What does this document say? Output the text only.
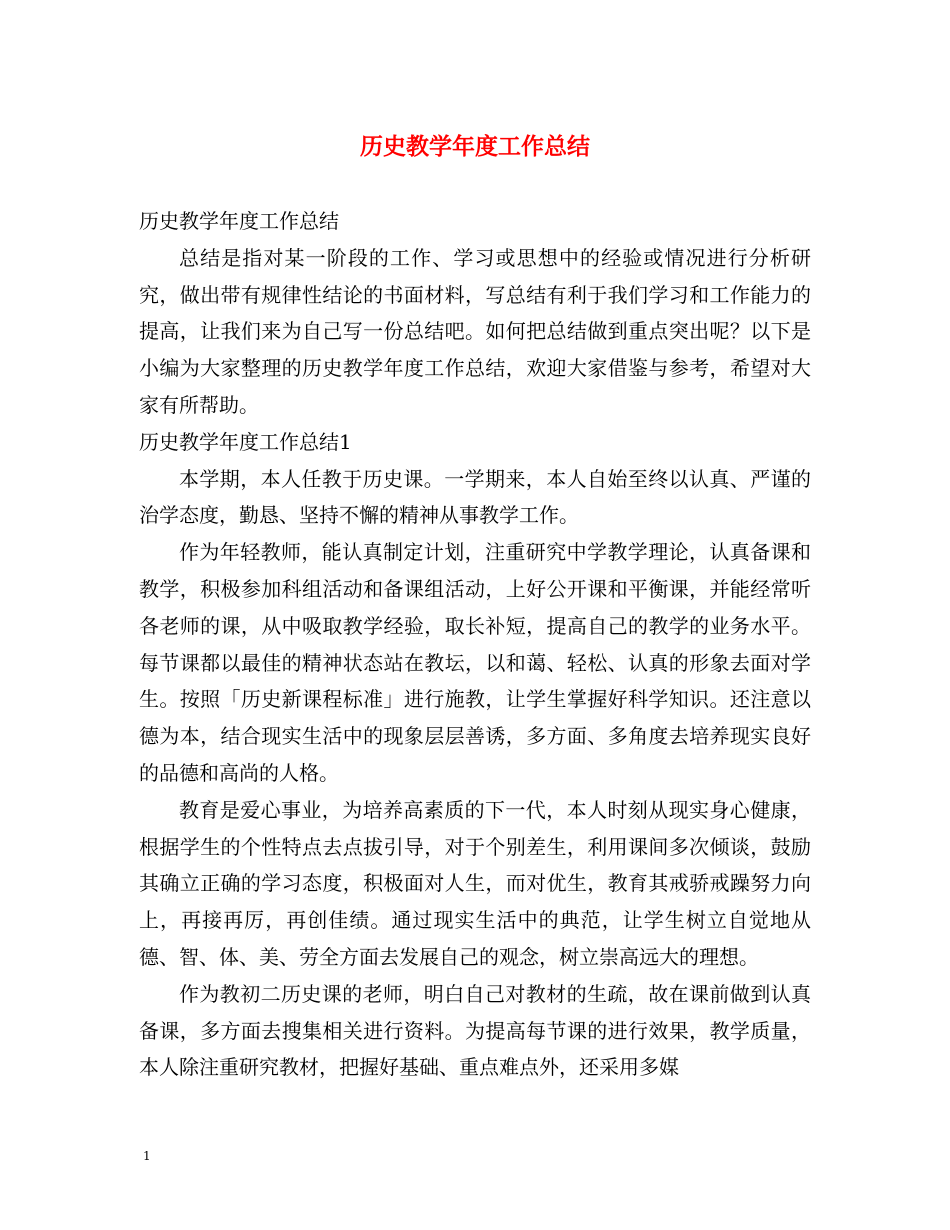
历史教学年度工作总结

历史教学年度工作总结

总结是指对某一阶段的工作、学习或思想中的经验或情况进行分析研究，做出带有规律性结论的书面材料，写总结有利于我们学习和工作能力的提高，让我们来为自己写一份总结吧。如何把总结做到重点突出呢？以下是小编为大家整理的历史教学年度工作总结，欢迎大家借鉴与参考，希望对大家有所帮助。

历史教学年度工作总结1

本学期，本人任教于历史课。一学期来，本人自始至终以认真、严谨的治学态度，勤恳、坚持不懈的精神从事教学工作。

作为年轻教师，能认真制定计划，注重研究中学教学理论，认真备课和教学，积极参加科组活动和备课组活动，上好公开课和平衡课，并能经常听各老师的课，从中吸取教学经验，取长补短，提高自己的教学的业务水平。每节课都以最佳的精神状态站在教坛，以和蔼、轻松、认真的形象去面对学生。按照「历史新课程标准」进行施教，让学生掌握好科学知识。还注意以德为本，结合现实生活中的现象层层善诱，多方面、多角度去培养现实良好的品德和高尚的人格。

教育是爱心事业，为培养高素质的下一代，本人时刻从现实身心健康，根据学生的个性特点去点拔引导，对于个别差生，利用课间多次倾谈，鼓励其确立正确的学习态度，积极面对人生，而对优生，教育其戒骄戒躁努力向上，再接再厉，再创佳绩。通过现实生活中的典范，让学生树立自觉地从德、智、体、美、劳全方面去发展自己的观念，树立崇高远大的理想。

作为教初二历史课的老师，明白自己对教材的生疏，故在课前做到认真备课，多方面去搜集相关进行资料。为提高每节课的进行效果，教学质量，本人除注重研究教材，把握好基础、重点难点外，还采用多媒

1
